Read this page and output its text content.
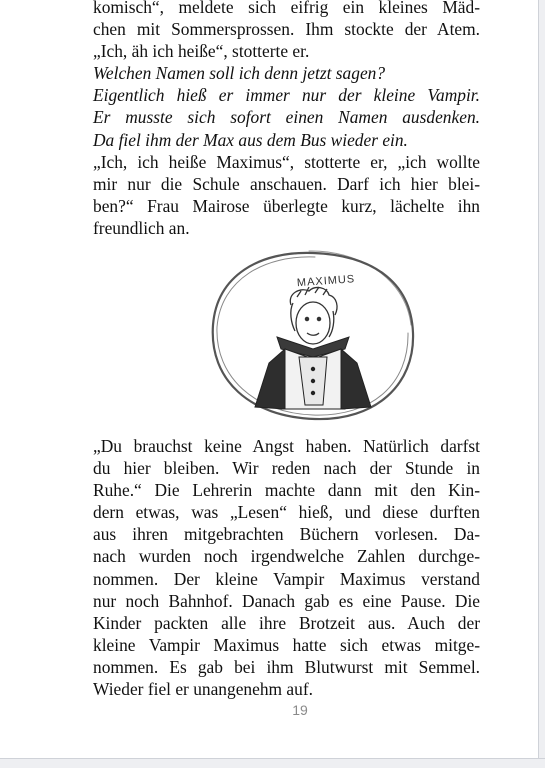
komisch“, meldete sich eifrig ein kleines Mäd-
chen mit Sommersprossen. Ihm stockte der Atem.
„Ich, äh ich heiße“, stotterte er.
Welchen Namen soll ich denn jetzt sagen?
Eigentlich hieß er immer nur der kleine Vampir.
Er musste sich sofort einen Namen ausdenken.
Da fiel ihm der Max aus dem Bus wieder ein.
„Ich, ich heiße Maximus“, stotterte er, „ich wollte
mir nur die Schule anschauen. Darf ich hier blei-
ben?“ Frau Mairose überlegte kurz, lächelte ihn
freundlich an.
MAXIMUS
„Du brauchst keine Angst haben. Natürlich darfst
du hier bleiben. Wir reden nach der Stunde in
Ruhe.“ Die Lehrerin machte dann mit den Kin-
dern etwas, was „Lesen“ hieß, und diese durften
aus ihren mitgebrachten Büchern vorlesen. Da-
nach wurden noch irgendwelche Zahlen durchge-
nommen. Der kleine Vampir Maximus verstand
nur noch Bahnhof. Danach gab es eine Pause. Die
Kinder packten alle ihre Brotzeit aus. Auch der
kleine Vampir Maximus hatte sich etwas mitge-
nommen. Es gab bei ihm Blutwurst mit Semmel.
Wieder fiel er unangenehm auf.
19
